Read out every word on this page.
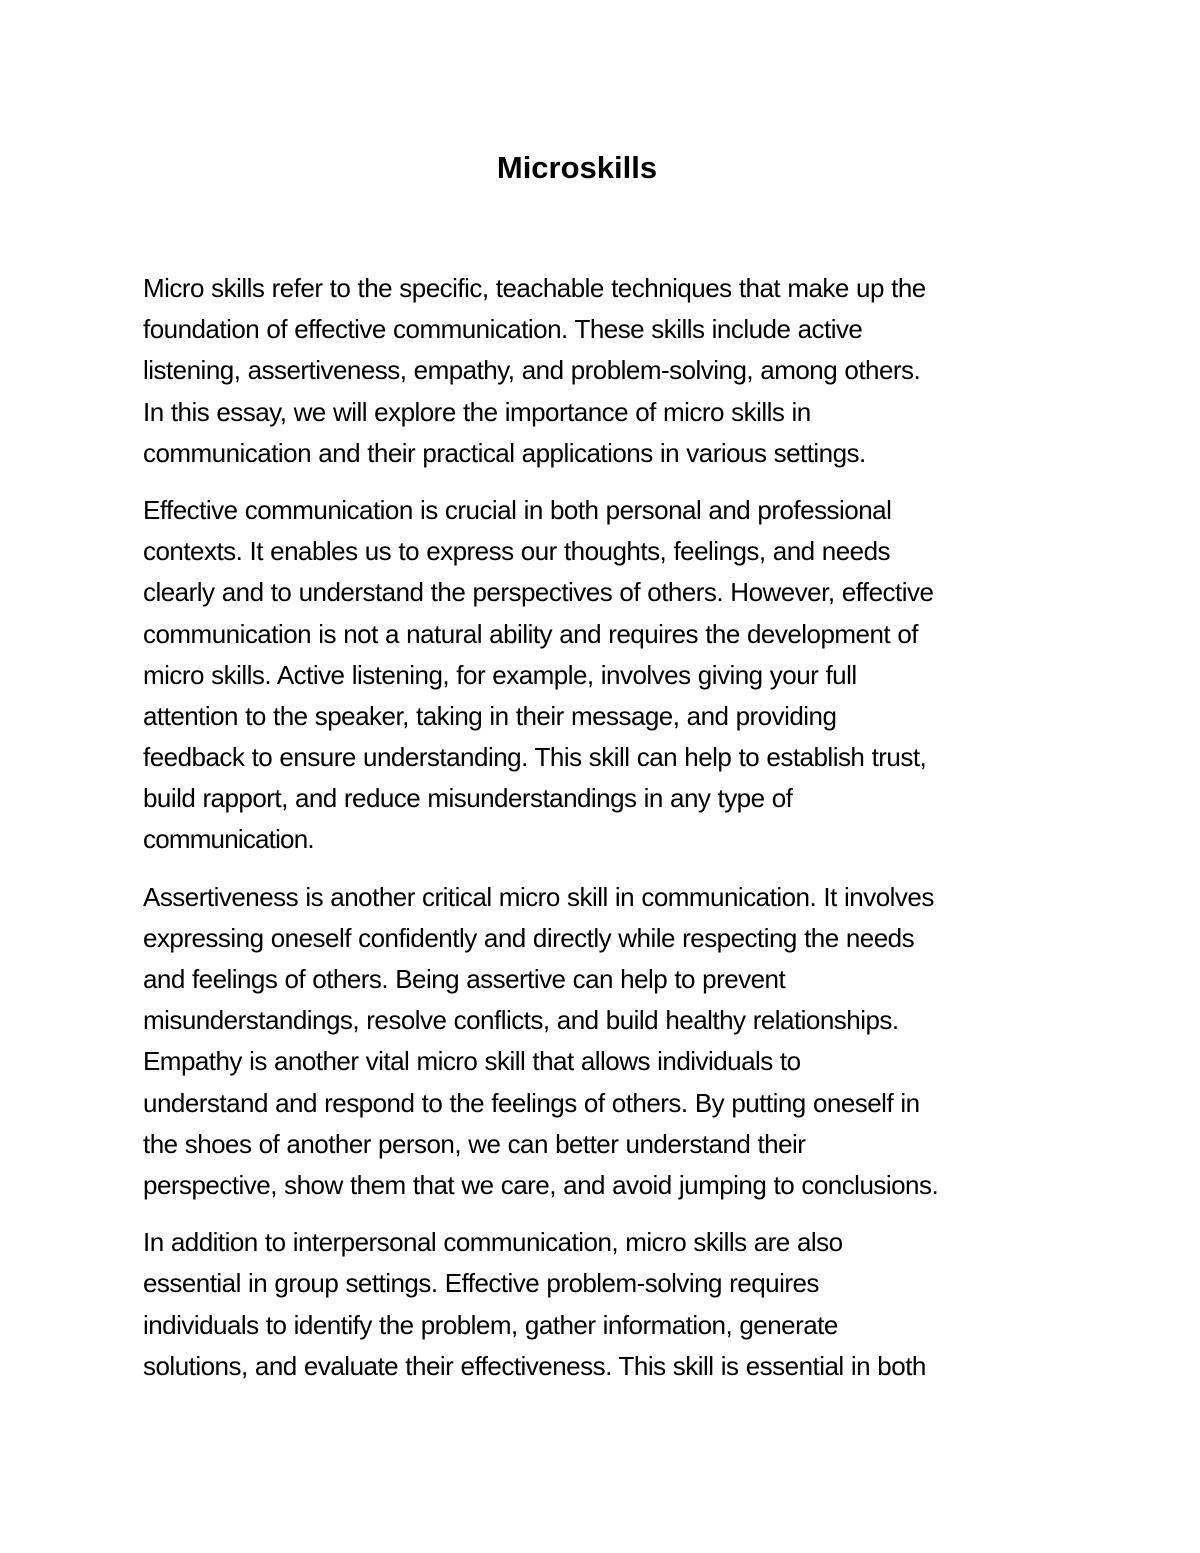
Microskills
Micro skills refer to the specific, teachable techniques that make up the
foundation of effective communication. These skills include active
listening, assertiveness, empathy, and problem-solving, among others.
In this essay, we will explore the importance of micro skills in
communication and their practical applications in various settings.
Effective communication is crucial in both personal and professional
contexts. It enables us to express our thoughts, feelings, and needs
clearly and to understand the perspectives of others. However, effective
communication is not a natural ability and requires the development of
micro skills. Active listening, for example, involves giving your full
attention to the speaker, taking in their message, and providing
feedback to ensure understanding. This skill can help to establish trust,
build rapport, and reduce misunderstandings in any type of
communication.
Assertiveness is another critical micro skill in communication. It involves
expressing oneself confidently and directly while respecting the needs
and feelings of others. Being assertive can help to prevent
misunderstandings, resolve conflicts, and build healthy relationships.
Empathy is another vital micro skill that allows individuals to
understand and respond to the feelings of others. By putting oneself in
the shoes of another person, we can better understand their
perspective, show them that we care, and avoid jumping to conclusions.
In addition to interpersonal communication, micro skills are also
essential in group settings. Effective problem-solving requires
individuals to identify the problem, gather information, generate
solutions, and evaluate their effectiveness. This skill is essential in both
